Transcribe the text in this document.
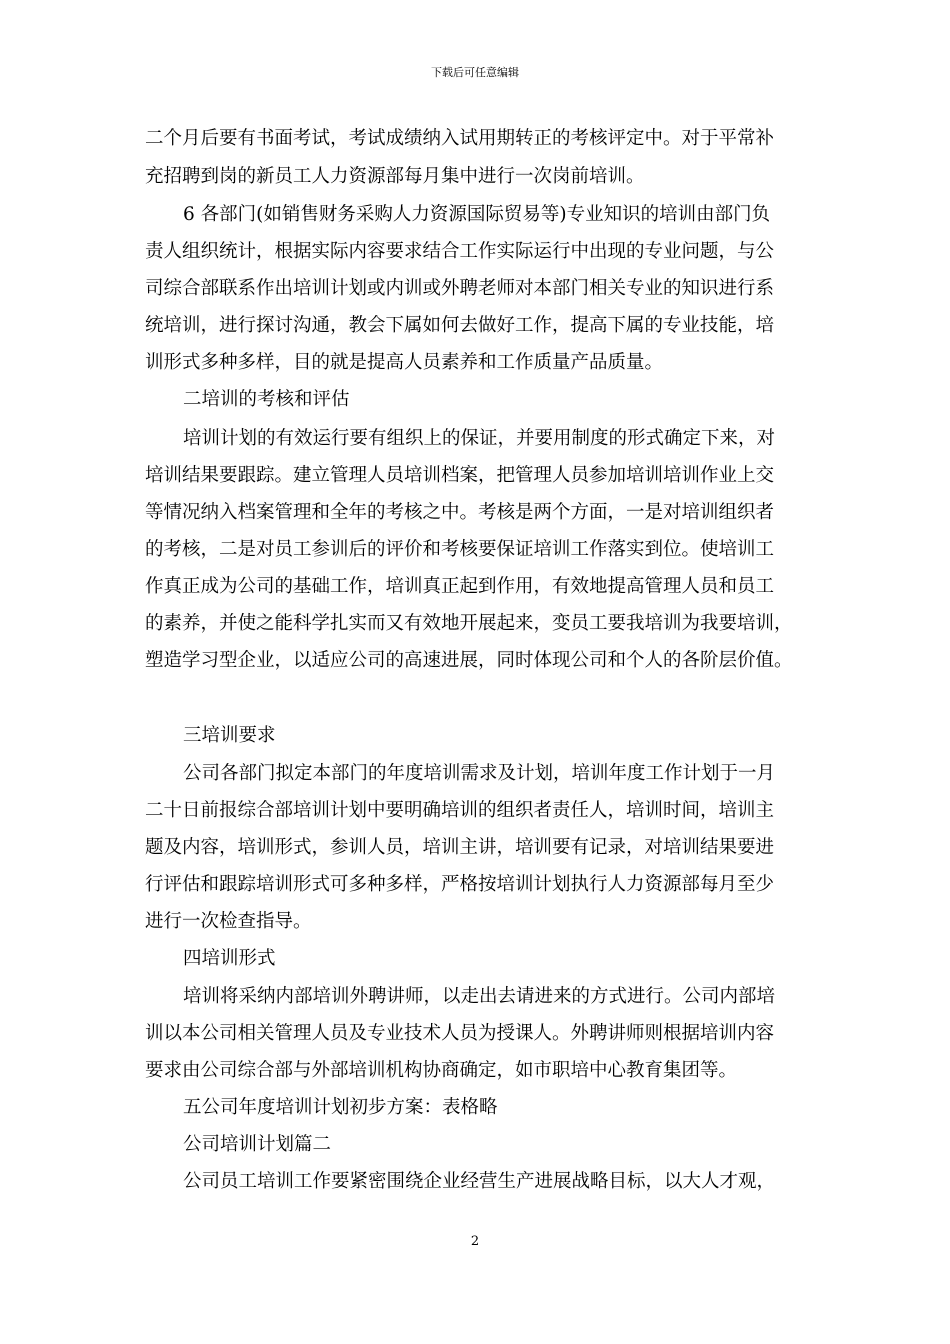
下载后可任意编辑
二个月后要有书面考试，考试成绩纳入试用期转正的考核评定中。对于平常补
充招聘到岗的新员工人力资源部每月集中进行一次岗前培训。
6 各部门(如销售财务采购人力资源国际贸易等)专业知识的培训由部门负
责人组织统计，根据实际内容要求结合工作实际运行中出现的专业问题，与公
司综合部联系作出培训计划或内训或外聘老师对本部门相关专业的知识进行系
统培训，进行探讨沟通，教会下属如何去做好工作，提高下属的专业技能，培
训形式多种多样，目的就是提高人员素养和工作质量产品质量。
二培训的考核和评估
培训计划的有效运行要有组织上的保证，并要用制度的形式确定下来，对
培训结果要跟踪。建立管理人员培训档案，把管理人员参加培训培训作业上交
等情况纳入档案管理和全年的考核之中。考核是两个方面，一是对培训组织者
的考核，二是对员工参训后的评价和考核要保证培训工作落实到位。使培训工
作真正成为公司的基础工作，培训真正起到作用，有效地提高管理人员和员工
的素养，并使之能科学扎实而又有效地开展起来，变员工要我培训为我要培训，
塑造学习型企业，以适应公司的高速进展，同时体现公司和个人的各阶层价值。
三培训要求
公司各部门拟定本部门的年度培训需求及计划，培训年度工作计划于一月
二十日前报综合部培训计划中要明确培训的组织者责任人，培训时间，培训主
题及内容，培训形式，参训人员，培训主讲，培训要有记录，对培训结果要进
行评估和跟踪培训形式可多种多样，严格按培训计划执行人力资源部每月至少
进行一次检查指导。
四培训形式
培训将采纳内部培训外聘讲师，以走出去请进来的方式进行。公司内部培
训以本公司相关管理人员及专业技术人员为授课人。外聘讲师则根据培训内容
要求由公司综合部与外部培训机构协商确定，如市职培中心教育集团等。
五公司年度培训计划初步方案：表格略
公司培训计划篇二
公司员工培训工作要紧密围绕企业经营生产进展战略目标，以大人才观，
2
